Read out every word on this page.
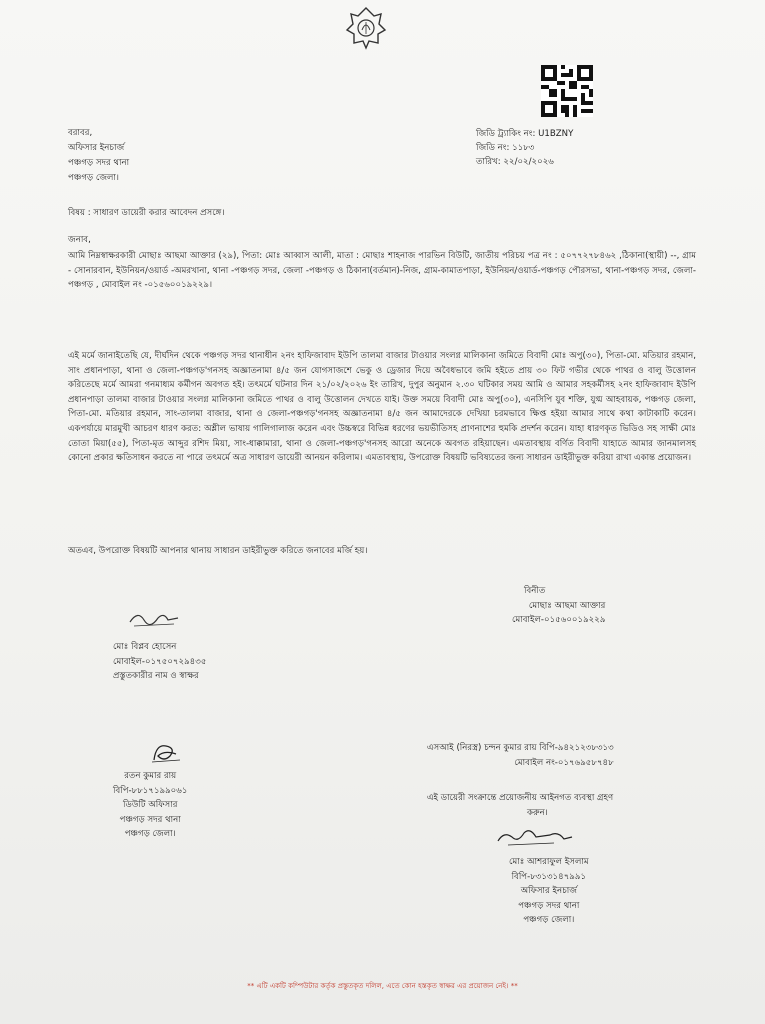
জিডি ট্র্যাকিং নং: U1BZNY
জিডি নং: ১১৮৩
তারিখ: ২২/০২/২০২৬
বরাবর,
অফিসার ইনচার্জ
পঞ্চগড় সদর থানা
পঞ্চগড় জেলা।
বিষয় : সাধারণ ডায়েরী করার আবেদন প্রসঙ্গে।
জনাব,
আমি নিম্নস্বাক্ষরকারী মোছাঃ আছমা আক্তার (২৯), পিতা: মোঃ আব্বাস আলী, মাতা : মোছাঃ শাহনাজ পারভিন বিউটি, জাতীয় পরিচয় পত্র নং : ৫০৭৭২৭৮৪৬২ ,ঠিকানা(স্থায়ী) --, গ্রাম - সোনারবান, ইউনিয়ন/ওয়ার্ড -অমরখানা, থানা -পঞ্চগড় সদর, জেলা -পঞ্চগড় ও ঠিকানা(বর্তমান)-নিজ, গ্রাম-কামাতপাড়া, ইউনিয়ন/ওয়ার্ড-পঞ্চগড় পৌরসভা, থানা-পঞ্চগড় সদর, জেলা-পঞ্চগড় , মোবাইল নং -০১৫৬০০১৯২২৯।
এই মর্মে জানাইতেছি যে, দীর্ঘদিন থেকে পঞ্চগড় সদর থানাধীন ২নং হাফিজাবাদ ইউপি তালমা বাজার টাওয়ার সংলগ্ন মালিকানা জমিতে বিবাদী মোঃ অপু(৩০), পিতা-মো. মতিয়ার রহমান, সাং প্রধানপাড়া, থানা ও জেলা-পঞ্চগড়'গনসহ অজ্ঞাতনামা ৪/৫ জন যোগসাজশে ভেকু ও ড্রেজার দিয়ে অবৈধভাবে জমি হইতে প্রায় ৩০ ফিট গভীর থেকে পাথর ও বালু উত্তোলন করিতেছে মর্মে আমরা গনমাধ্যম কর্মীগন অবগত হই। তৎমর্মে ঘটনার দিন ২১/০২/২০২৬ ইং তারিখ, দুপুর অনুমান ২.৩০ ঘটিকার সময় আমি ও আমার সহকর্মীসহ ২নং হাফিজাবাদ ইউপি প্রধানপাড়া তালমা বাজার টাওয়ার সংলগ্ন মালিকানা জমিতে পাথর ও বালু উত্তোলন দেখতে যাই। উক্ত সময়ে বিবাদী মোঃ অপু(৩০), এনসিপি যুব শক্তি, যুগ্ম আহবায়ক, পঞ্চগড় জেলা, পিতা-মো. মতিয়ার রহমান, সাং-তালমা বাজার, থানা ও জেলা-পঞ্চগড়'গনসহ অজ্ঞাতনামা ৪/৫ জন আমাদেরকে দেখিয়া চরমভাবে ক্ষিপ্ত হইয়া আমার সাথে কথা কাটাকাটি করেন। একপর্যায়ে মারমুখী আচরণ ধারণ করত: অশ্লীল ভাষায় গালিগালাজ করেন এবং উচ্চস্বরে বিভিন্ন ধরণের ভয়ভীতিসহ প্রাণনাশের হুমকি প্রদর্শন করেন। যাহা ধারণকৃত ভিডিও সহ সাক্ষী মোঃ তোতা মিয়া(৫৫), পিতা-মৃত আব্দুর রশিদ মিয়া, সাং-ধাক্কামারা, থানা ও জেলা-পঞ্চগড়'গনসহ আরো অনেকে অবগত রহিয়াছেন। এমতাবস্থায় বর্ণিত বিবাদী যাহাতে আমার জানমালসহ কোনো প্রকার ক্ষতিসাধন করতে না পারে তৎমর্মে অত্র সাধারণ ডায়েরী আনয়ন করিলাম। এমতাবস্থায়, উপরোক্ত বিষয়টি ভবিষ্যতের জন্য সাধারন ডাইরীভুক্ত করিয়া রাখা একান্ত প্রয়োজন।
অতএব, উপরোক্ত বিষয়টি আপনার থানায় সাধারন ডাইরীভুক্ত করিতে জনাবের মর্জি হয়।
বিনীত
মোছাঃ আছমা আক্তার
মোবাইল-০১৫৬০০১৯২২৯
মোঃ বিপ্লব হোসেন
মোবাইল-০১৭৫০৭২৯৪৩৫
প্রস্তুতকারীর নাম ও স্বাক্ষর
রতন কুমার রায়
বিপি-৮৮১৭১৯৯০৬১
ডিউটি অফিসার
পঞ্চগড় সদর থানা
পঞ্চগড় জেলা।
এসআই (নিরস্ত্র) চন্দন কুমার রায় বিপি-৯৪২১২৩৮৩১৩
মোবাইল নং-০১৭৬৯৫৮৭৪৮
এই ডায়েরী সংক্রান্তে প্রয়োজনীয় আইনগত ব্যবস্থা গ্রহণ
করুন।
মোঃ আশরাফুল ইসলাম
বিপি-৮৩১৩১৪৭৯৯১
অফিসার ইনচার্জ
পঞ্চগড় সদর থানা
পঞ্চগড় জেলা।
** এটি একটি কম্পিউটার কর্তৃক প্রস্তুতকৃত দলিল, এতে কোন হস্তকৃত স্বাক্ষর এর প্রয়োজন নেই। **
